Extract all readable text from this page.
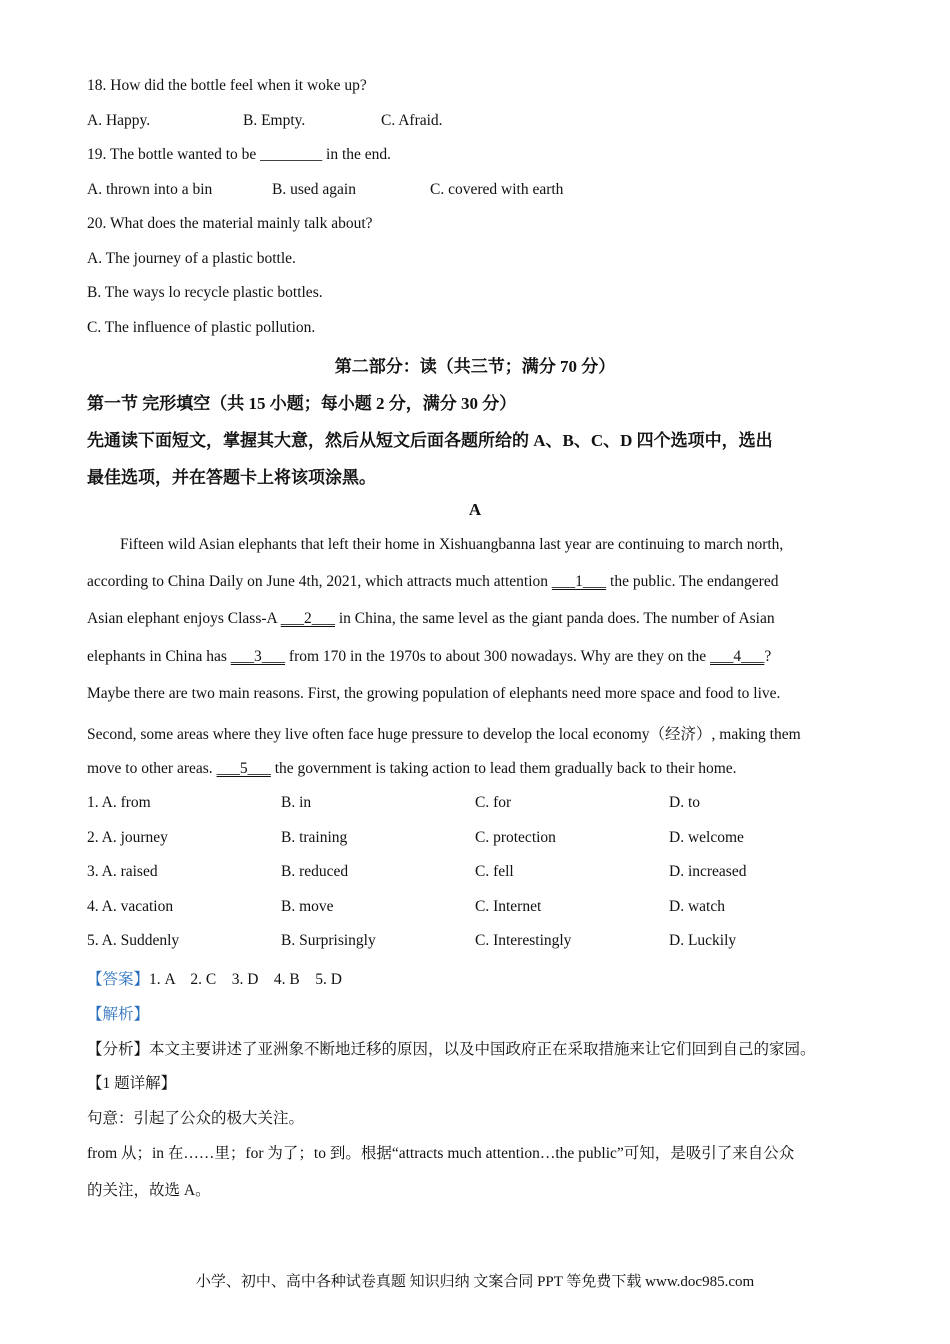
18. How did the bottle feel when it woke up?
A. Happy.	B. Empty.	C. Afraid.
19. The bottle wanted to be ________ in the end.
A. thrown into a bin	B. used again	C. covered with earth
20. What does the material mainly talk about?
A. The journey of a plastic bottle.
B. The ways lo recycle plastic bottles.
C. The influence of plastic pollution.
第二部分：读（共三节；满分 70 分）
第一节 完形填空（共 15 小题；每小题 2 分，满分 30 分）
先通读下面短文，掌握其大意，然后从短文后面各题所给的 A、B、C、D 四个选项中，选出
最佳选项，并在答题卡上将该项涂黑。
A
Fifteen wild Asian elephants that left their home in Xishuangbanna last year are continuing to march north,
according to China Daily on June 4th, 2021, which attracts much attention ___1___ the public. The endangered
Asian elephant enjoys Class-A ___2___ in China, the same level as the giant panda does. The number of Asian
elephants in China has ___3___ from 170 in the 1970s to about 300 nowadays. Why are they on the ___4___?
Maybe there are two main reasons. First, the growing population of elephants need more space and food to live.
Second, some areas where they live often face huge pressure to develop the local economy（经济）, making them
move to other areas. ___5___ the government is taking action to lead them gradually back to their home.
1. A. from	B. in	C. for	D. to
2. A. journey	B. training	C. protection	D. welcome
3. A. raised	B. reduced	C. fell	D. increased
4. A. vacation	B. move	C. Internet	D. watch
5. A. Suddenly	B. Surprisingly	C. Interestingly	D. Luckily
【答案】1. A    2. C    3. D    4. B    5. D
【解析】
【分析】本文主要讲述了亚洲象不断地迁移的原因，以及中国政府正在采取措施来让它们回到自己的家园。
【1 题详解】
句意：引起了公众的极大关注。
from 从；in 在……里；for 为了；to 到。根据“attracts much attention…the public”可知，是吸引了来自公众
的关注，故选 A。
小学、初中、高中各种试卷真题 知识归纳 文案合同 PPT 等免费下载 www.doc985.com
